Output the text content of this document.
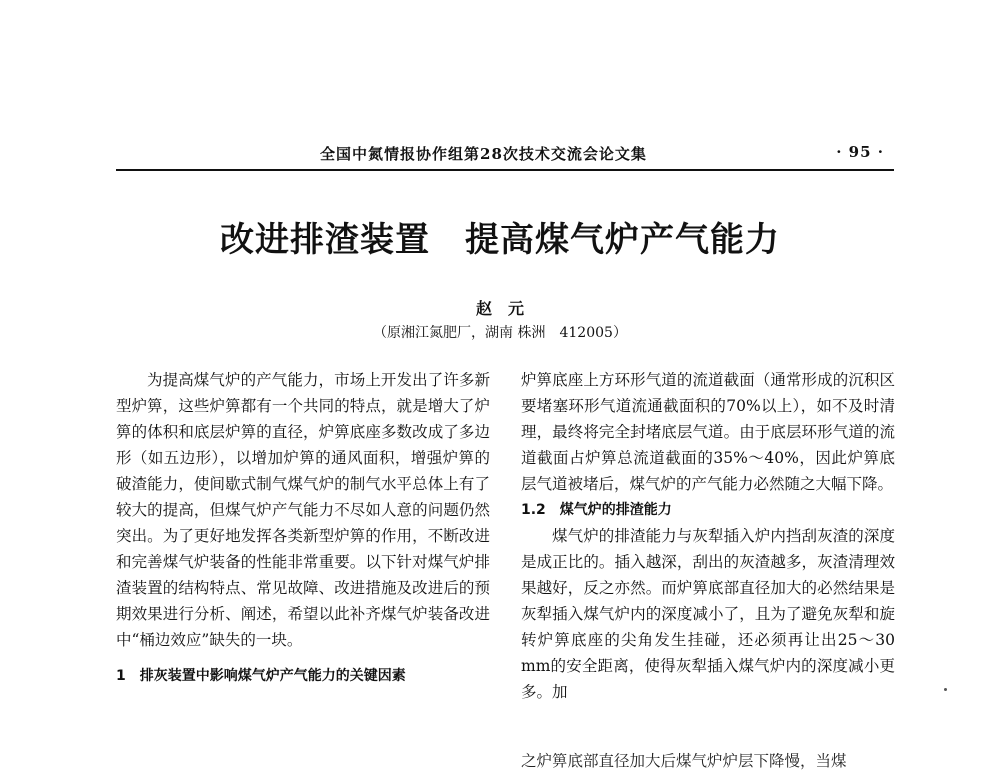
全国中氮情报协作组第28次技术交流会论文集	· 95 ·
改进排渣装置　提高煤气炉产气能力
赵　元
（原湘江氮肥厂，湖南 株洲　412005）

为提高煤气炉的产气能力，市场上开发出了许多新型炉箅，这些炉箅都有一个共同的特点，就是增大了炉箅的体积和底层炉箅的直径，炉箅底座多数改成了多边形（如五边形），以增加炉箅的通风面积，增强炉箅的破渣能力，使间歇式制气煤气炉的制气水平总体上有了较大的提高，但煤气炉产气能力不尽如人意的问题仍然突出。为了更好地发挥各类新型炉箅的作用，不断改进和完善煤气炉装备的性能非常重要。以下针对煤气炉排渣装置的结构特点、常见故障、改进措施及改进后的预期效果进行分析、阐述，希望以此补齐煤气炉装备改进中“桶边效应”缺失的一块。

1　排灰装置中影响煤气炉产气能力的关键因素

炉箅底座上方环形气道的流道截面（通常形成的沉积区要堵塞环形气道流通截面积的70%以上），如不及时清理，最终将完全封堵底层气道。由于底层环形气道的流道截面占炉箅总流道截面的35%～40%，因此炉箅底层气道被堵后，煤气炉的产气能力必然随之大幅下降。

1.2　煤气炉的排渣能力

煤气炉的排渣能力与灰犁插入炉内挡刮灰渣的深度是成正比的。插入越深，刮出的灰渣越多，灰渣清理效果越好，反之亦然。而炉箅底部直径加大的必然结果是灰犁插入煤气炉内的深度减小了，且为了避免灰犁和旋转炉箅底座的尖角发生挂碰，还必须再让出25～30 mm的安全距离，使得灰犁插入煤气炉内的深度减小更多。加

之炉箅底部直径加大后煤气炉炉层下降慢，当煤
